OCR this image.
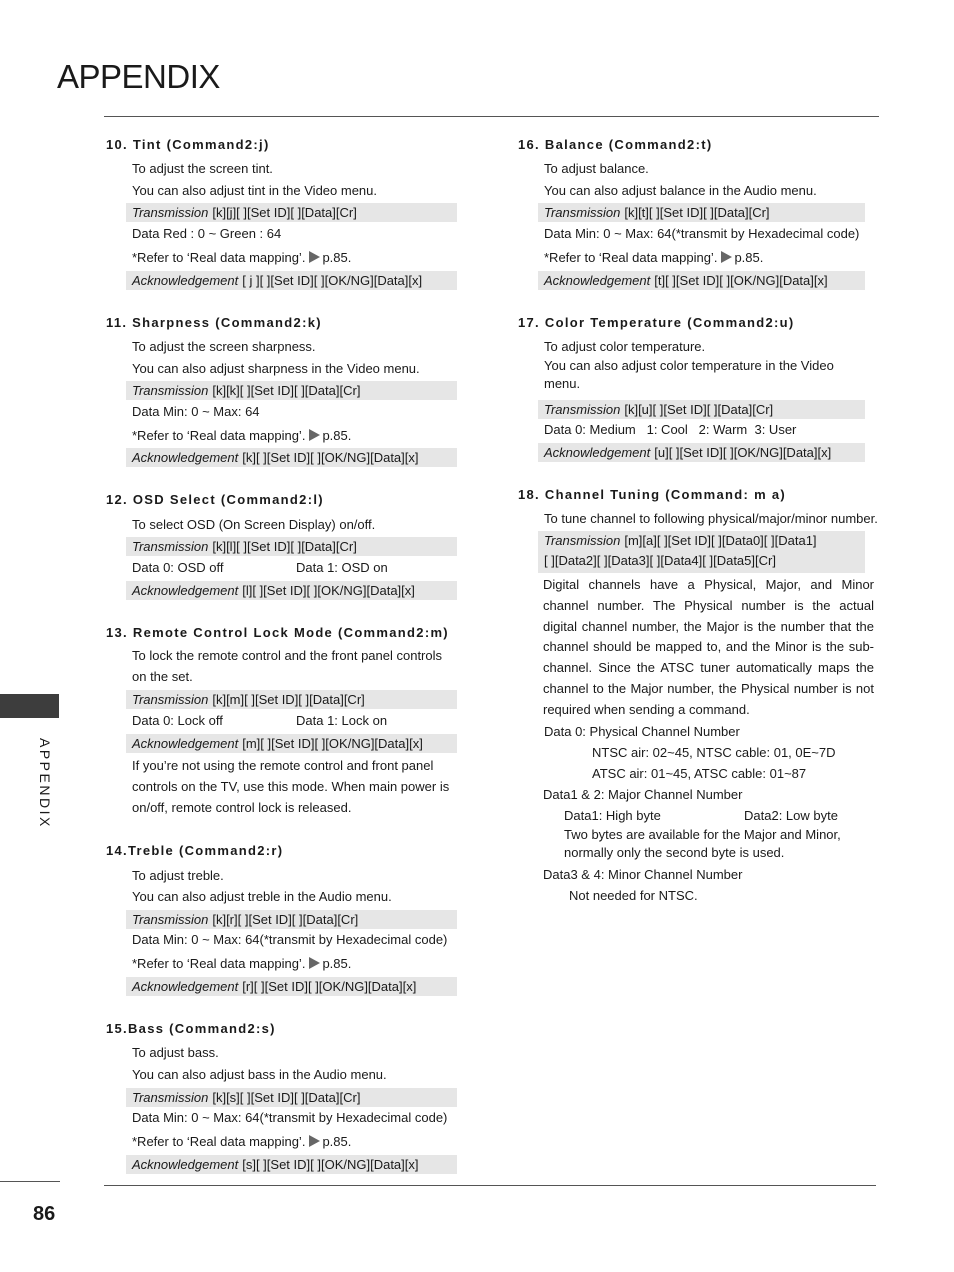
APPENDIX
APPENDIX
86
10. Tint (Command2:j)
To adjust the screen tint.
You can also adjust tint in the Video menu.
Transmission [k][j][ ][Set ID][ ][Data][Cr]
Data Red : 0 ~ Green : 64
*Refer to ‘Real data mapping’. p.85.
Acknowledgement [ j ][ ][Set ID][ ][OK/NG][Data][x]
11. Sharpness (Command2:k)
To adjust the screen sharpness.
You can also adjust sharpness in the Video menu.
Transmission [k][k][ ][Set ID][ ][Data][Cr]
Data Min: 0 ~ Max: 64
*Refer to ‘Real data mapping’. p.85.
Acknowledgement [k][ ][Set ID][ ][OK/NG][Data][x]
12. OSD Select (Command2:l)
To select OSD (On Screen Display) on/off.
Transmission [k][l][ ][Set ID][ ][Data][Cr]
Data 0: OSD off	Data 1: OSD on
Acknowledgement [l][ ][Set ID][ ][OK/NG][Data][x]
13. Remote Control Lock Mode (Command2:m)
To lock the remote control and the front panel controls on the set.
Transmission [k][m][ ][Set ID][ ][Data][Cr]
Data 0: Lock off	Data 1: Lock on
Acknowledgement [m][ ][Set ID][ ][OK/NG][Data][x]
If you’re not using the remote control and front panel controls on the TV, use this mode. When main power is on/off, remote control lock is released.
14.Treble (Command2:r)
To adjust treble.
You can also adjust treble in the Audio menu.
Transmission [k][r][ ][Set ID][ ][Data][Cr]
Data Min: 0 ~ Max: 64(*transmit by Hexadecimal code)
*Refer to ‘Real data mapping’. p.85.
Acknowledgement [r][ ][Set ID][ ][OK/NG][Data][x]
15.Bass (Command2:s)
To adjust bass.
You can also adjust bass in the Audio menu.
Transmission [k][s][ ][Set ID][ ][Data][Cr]
Data Min: 0 ~ Max: 64(*transmit by Hexadecimal code)
*Refer to ‘Real data mapping’. p.85.
Acknowledgement [s][ ][Set ID][ ][OK/NG][Data][x]
16. Balance (Command2:t)
To adjust balance.
You can also adjust balance in the Audio menu.
Transmission [k][t][ ][Set ID][ ][Data][Cr]
Data Min: 0 ~ Max: 64(*transmit by Hexadecimal code)
*Refer to ‘Real data mapping’. p.85.
Acknowledgement [t][ ][Set ID][ ][OK/NG][Data][x]
17. Color Temperature (Command2:u)
To adjust color temperature.
You can also adjust color temperature in the Video menu.
Transmission [k][u][ ][Set ID][ ][Data][Cr]
Data 0: Medium   1: Cool   2: Warm  3: User
Acknowledgement [u][ ][Set ID][ ][OK/NG][Data][x]
18. Channel Tuning (Command: m a)
To tune channel to following physical/major/minor number.
Transmission [m][a][ ][Set ID][ ][Data0][ ][Data1]
[ ][Data2][ ][Data3][ ][Data4][ ][Data5][Cr]
Digital channels have a Physical, Major, and Minor channel number. The Physical number is the actual digital channel number, the Major is the number that the channel should be mapped to, and the Minor is the sub-channel. Since the ATSC tuner automatically maps the channel to the Major number, the Physical number is not required when sending a command.
Data 0: Physical Channel Number
NTSC air: 02~45, NTSC cable: 01, 0E~7D
ATSC air: 01~45, ATSC cable: 01~87
Data1 & 2: Major Channel Number
Data1: High byte	Data2: Low byte
Two bytes are available for the Major and Minor, normally only the second byte is used.
Data3 & 4: Minor Channel Number
Not needed for NTSC.
